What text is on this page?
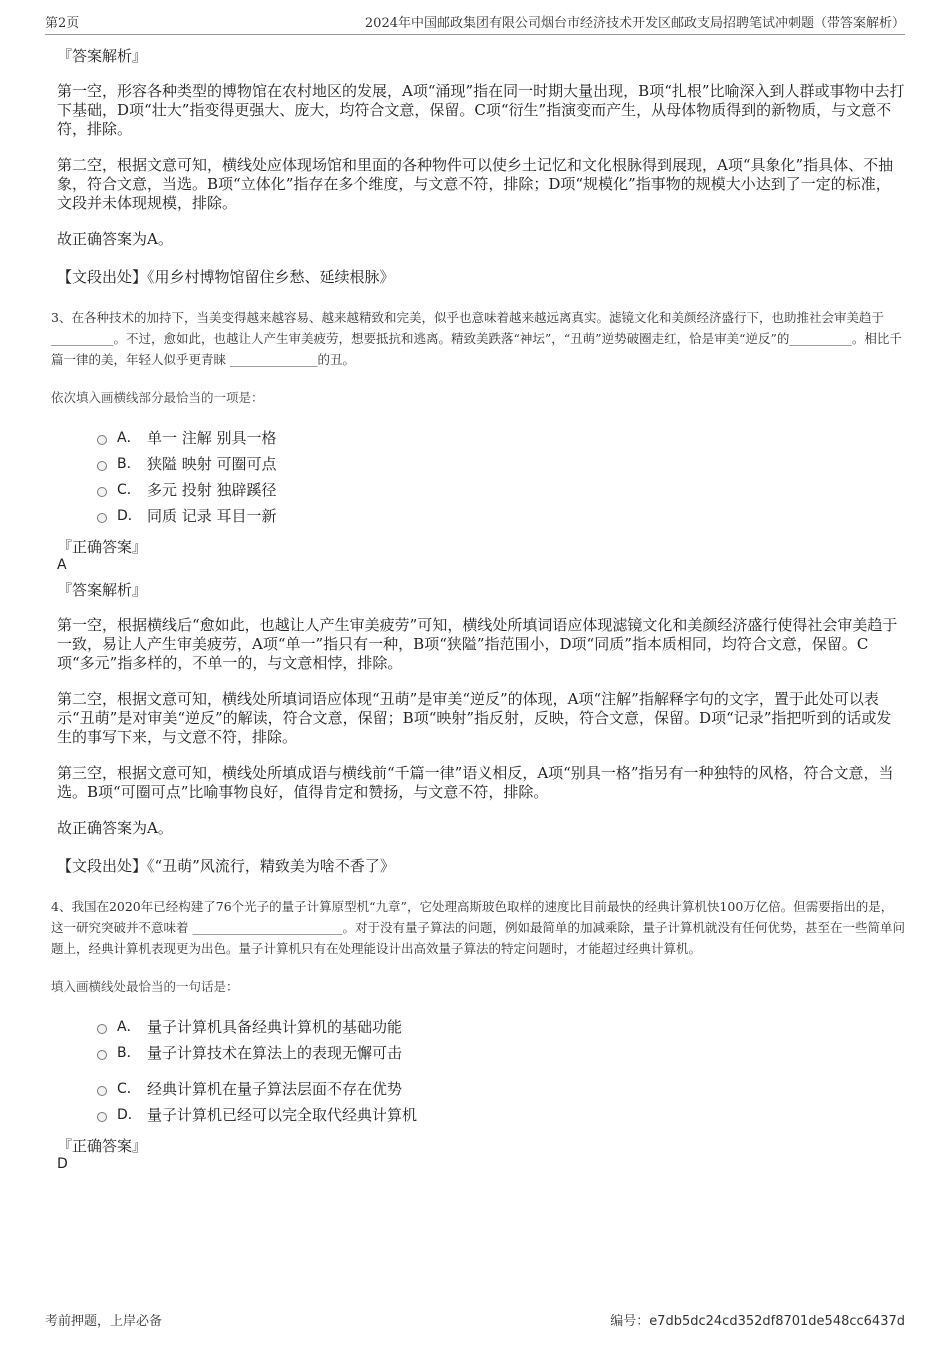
第2页	2024年中国邮政集团有限公司烟台市经济技术开发区邮政支局招聘笔试冲刺题（带答案解析）
『答案解析』

第一空，形容各种类型的博物馆在农村地区的发展，A项“涌现”指在同一时期大量出现，B项“扎根”比喻深入到人群或事物中去打下基础，D项“壮大”指变得更强大、庞大，均符合文意，保留。C项“衍生”指演变而产生，从母体物质得到的新物质，与文意不符，排除。

第二空，根据文意可知，横线处应体现场馆和里面的各种物件可以使乡土记忆和文化根脉得到展现，A项“具象化”指具体、不抽象，符合文意，当选。B项“立体化”指存在多个维度，与文意不符，排除；D项“规模化”指事物的规模大小达到了一定的标准，文段并未体现规模，排除。

故正确答案为A。

【文段出处】《用乡村博物馆留住乡愁、延续根脉》

3、在各种技术的加持下，当美变得越来越容易、越来越精致和完美，似乎也意味着越来越远离真实。滤镜文化和美颜经济盛行下，也助推社会审美趋于 __________。不过，愈如此，也越让人产生审美疲劳，想要抵抗和逃离。精致美跌落“神坛”，“丑萌”逆势破圈走红，恰是审美“逆反”的__________。相比千篇一律的美，年轻人似乎更青睐 ______________的丑。

依次填入画横线部分最恰当的一项是：
A． 单一 注解 别具一格
B． 狭隘 映射 可圈可点
C． 多元 投射 独辟蹊径
D． 同质 记录 耳目一新
『正确答案』
A
『答案解析』

第一空，根据横线后“愈如此，也越让人产生审美疲劳”可知，横线处所填词语应体现滤镜文化和美颜经济盛行使得社会审美趋于一致，易让人产生审美疲劳，A项“单一”指只有一种，B项“狭隘”指范围小，D项“同质”指本质相同，均符合文意，保留。C项“多元”指多样的，不单一的，与文意相悖，排除。

第二空，根据文意可知，横线处所填词语应体现“丑萌”是审美“逆反”的体现，A项“注解”指解释字句的文字，置于此处可以表示“丑萌”是对审美“逆反”的解读，符合文意，保留；B项“映射”指反射，反映，符合文意，保留。D项“记录”指把听到的话或发生的事写下来，与文意不符，排除。

第三空，根据文意可知，横线处所填成语与横线前“千篇一律”语义相反，A项“别具一格”指另有一种独特的风格，符合文意，当选。B项“可圈可点”比喻事物良好，值得肯定和赞扬，与文意不符，排除。

故正确答案为A。

【文段出处】《“丑萌”风流行，精致美为啥不香了》

4、我国在2020年已经构建了76个光子的量子计算原型机“九章”，它处理高斯玻色取样的速度比目前最快的经典计算机快100万亿倍。但需要指出的是，这一研究突破并不意味着 ________________________。对于没有量子算法的问题，例如最简单的加减乘除，量子计算机就没有任何优势，甚至在一些简单问题上，经典计算机表现更为出色。量子计算机只有在处理能设计出高效量子算法的特定问题时，才能超过经典计算机。

填入画横线处最恰当的一句话是：
A． 量子计算机具备经典计算机的基础功能
B． 量子计算技术在算法上的表现无懈可击
C． 经典计算机在量子算法层面不存在优势
D． 量子计算机已经可以完全取代经典计算机
『正确答案』
D
考前押题，上岸必备	编号：e7db5dc24cd352df8701de548cc6437d
